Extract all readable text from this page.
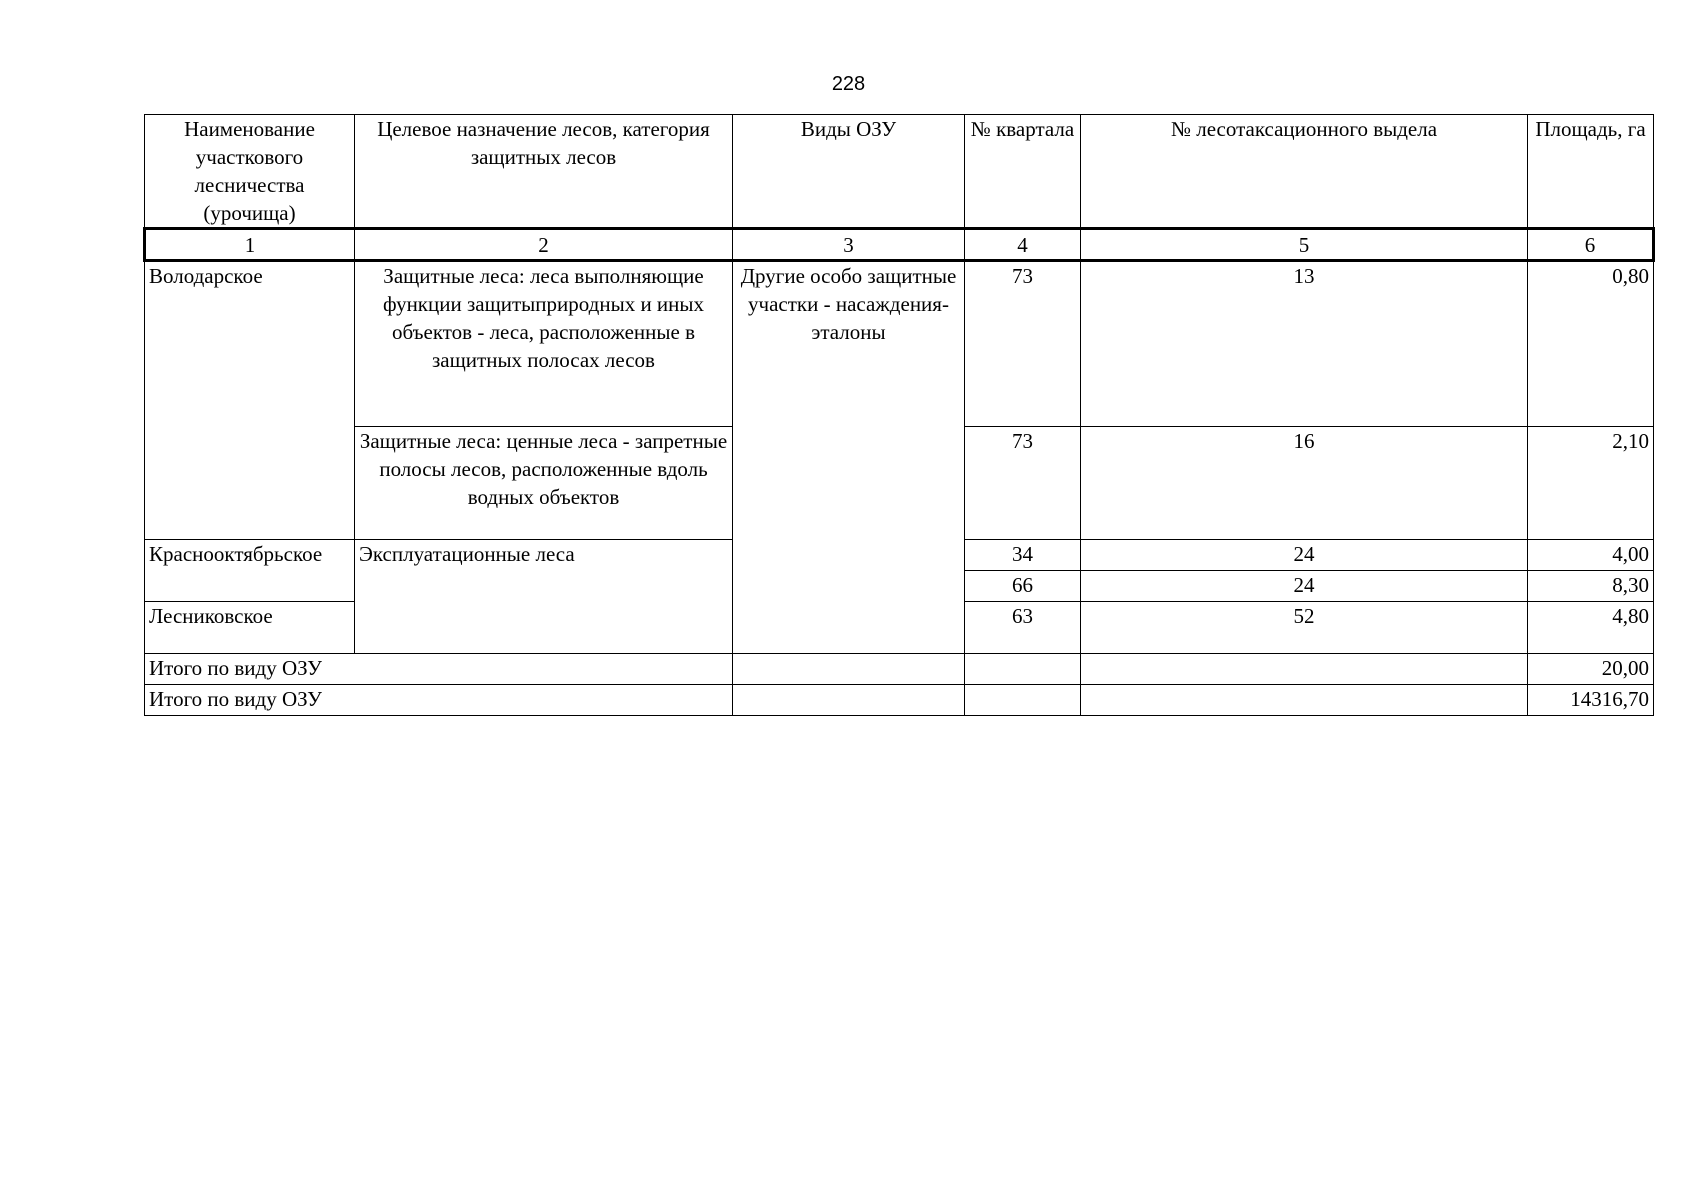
228
Наименование участкового лесничества (урочища)	Целевое назначение лесов, категория защитных лесов	Виды ОЗУ	№ квартала	№ лесотаксационного выдела	Площадь, га
1	2	3	4	5	6
Володарское	Защитные леса: леса выполняющие функции защитыприродных и иных объектов - леса, расположенные в защитных полосах лесов	Другие особо защитные участки - насаждения-эталоны	73	13	0,80
	Защитные леса: ценные леса - запретные полосы лесов, расположенные вдоль водных объектов		73	16	2,10
Краснооктябрьское	Эксплуатационные леса		34	24	4,00
			66	24	8,30
Лесниковское			63	52	4,80
Итого по виду ОЗУ					20,00
Итого по виду ОЗУ					14316,70
